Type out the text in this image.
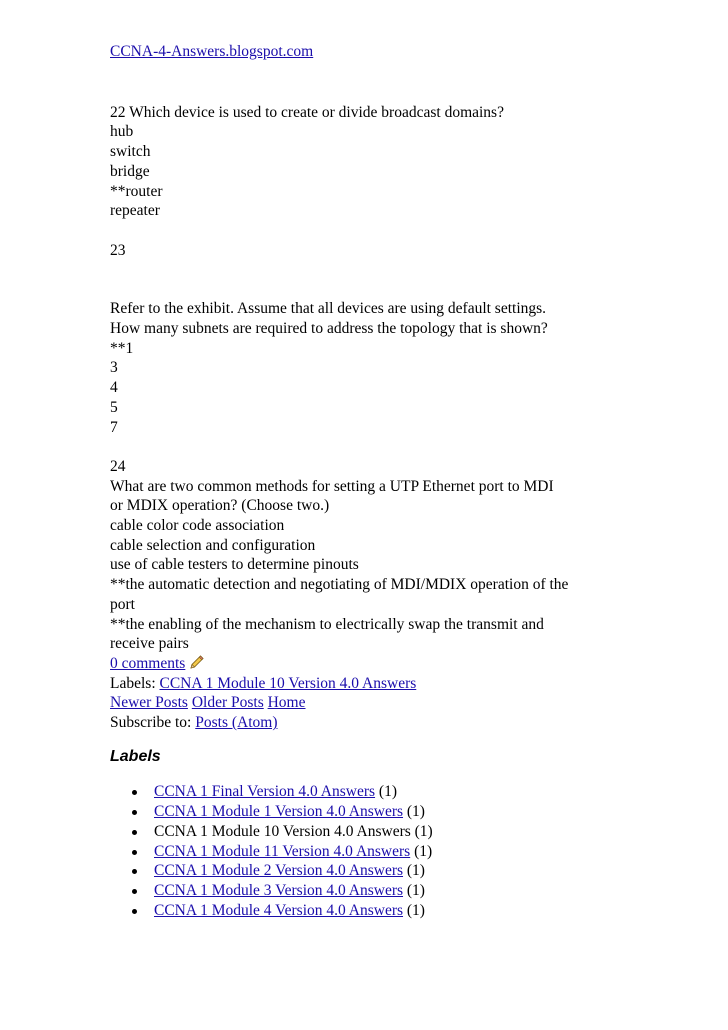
CCNA-4-Answers.blogspot.com
22 Which device is used to create or divide broadcast domains?
hub
switch
bridge
**router
repeater
23
Refer to the exhibit. Assume that all devices are using default settings.
How many subnets are required to address the topology that is shown?
**1
3
4
5
7
24
What are two common methods for setting a UTP Ethernet port to MDI
or MDIX operation? (Choose two.)
cable color code association
cable selection and configuration
use of cable testers to determine pinouts
**the automatic detection and negotiating of MDI/MDIX operation of the
port
**the enabling of the mechanism to electrically swap the transmit and
receive pairs
0 comments
Labels: CCNA 1 Module 10 Version 4.0 Answers
Newer Posts Older Posts Home
Subscribe to: Posts (Atom)
Labels
CCNA 1 Final Version 4.0 Answers (1)
CCNA 1 Module 1 Version 4.0 Answers (1)
CCNA 1 Module 10 Version 4.0 Answers (1)
CCNA 1 Module 11 Version 4.0 Answers (1)
CCNA 1 Module 2 Version 4.0 Answers (1)
CCNA 1 Module 3 Version 4.0 Answers (1)
CCNA 1 Module 4 Version 4.0 Answers (1)
